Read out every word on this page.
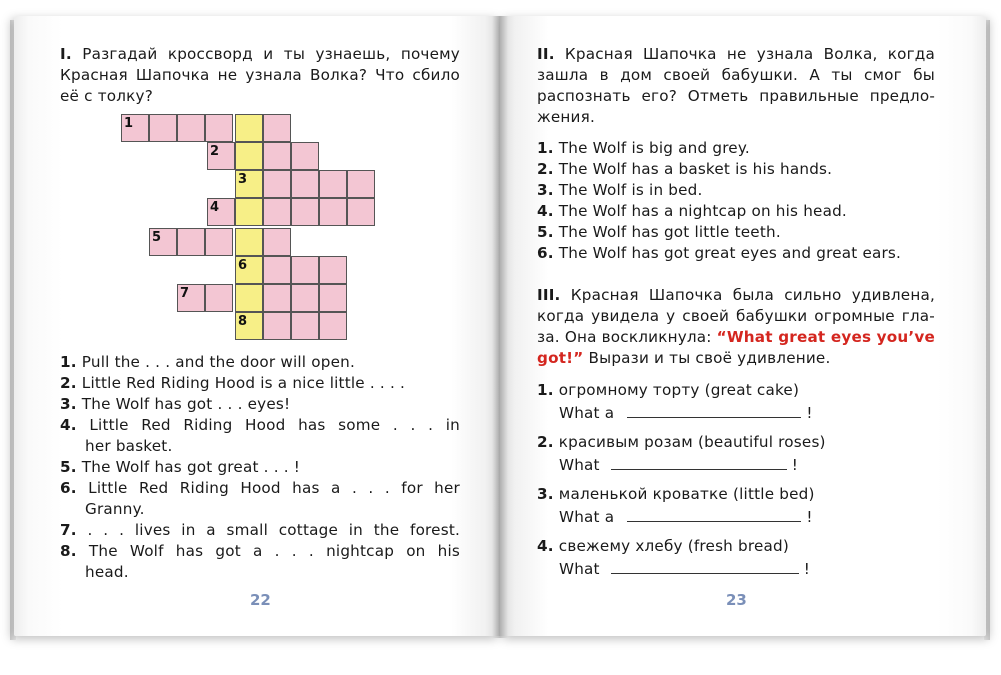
I. Разгадай кроссворд и ты узнаешь, почему
Красная Шапочка не узнала Волка? Что сбило
её с толку?
1
2
3
4
5
6
7
8
1. Pull the . . . and the door will open.
2. Little Red Riding Hood is a nice little . . . .
3. The Wolf has got . . . eyes!
4. Little Red Riding Hood has some . . . in
her basket.
5. The Wolf has got great . . . !
6. Little Red Riding Hood has a . . . for her
Granny.
7. . . . lives in a small cottage in the forest.
8. The Wolf has got a . . . nightcap on his
head.
22
II. Красная Шапочка не узнала Волка, когда
зашла в дом своей бабушки. А ты смог бы
распознать его? Отметь правильные предло-
жения.
1. The Wolf is big and grey.
2. The Wolf has a basket is his hands.
3. The Wolf is in bed.
4. The Wolf has a nightcap on his head.
5. The Wolf has got little teeth.
6. The Wolf has got great eyes and great ears.
III. Красная Шапочка была сильно удивлена,
когда увидела у своей бабушки огромные гла-
за. Она воскликнула: “What great eyes you’ve
got!” Вырази и ты своё удивление.
1. огромному торту (great cake)
What a	!
2. красивым розам (beautiful roses)
What	!
3. маленькой кроватке (little bed)
What a	!
4. свежему хлебу (fresh bread)
What	!
23
